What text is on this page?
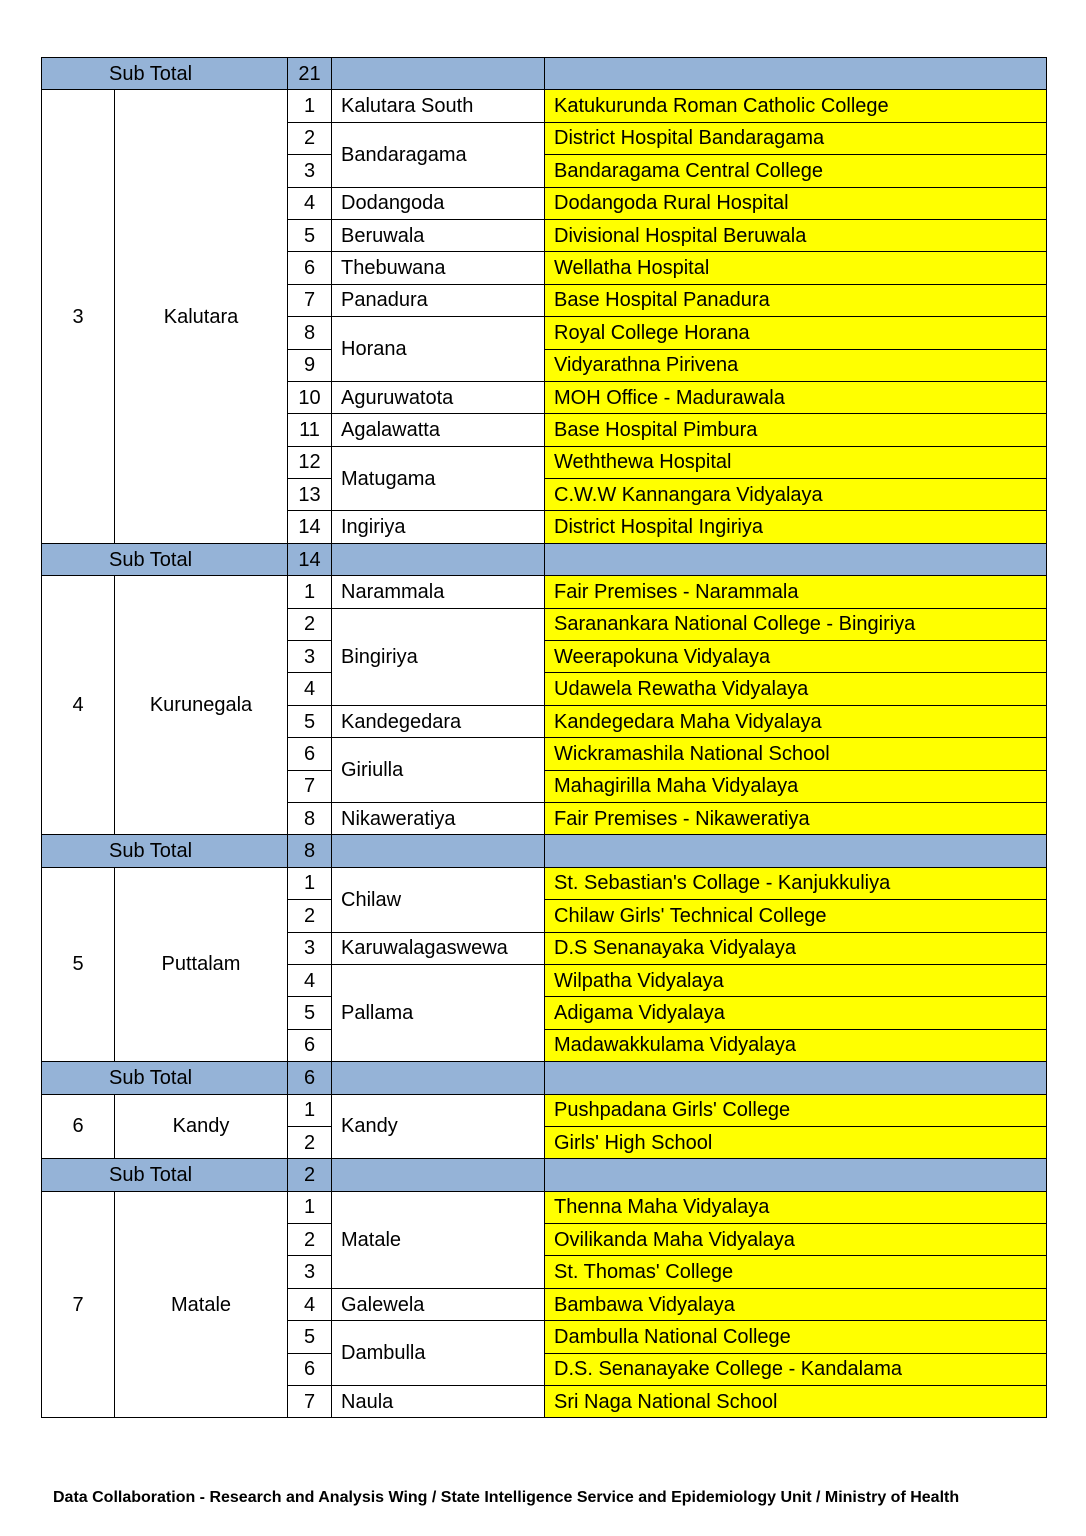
Sub Total		21		
3	Kalutara	1	Kalutara South	Katukurunda Roman Catholic College
		2	Bandaragama	District Hospital Bandaragama
		3		Bandaragama Central College
		4	Dodangoda	Dodangoda Rural Hospital
		5	Beruwala	Divisional Hospital Beruwala
		6	Thebuwana	Wellatha Hospital
		7	Panadura	Base Hospital Panadura
		8	Horana	Royal College Horana
		9		Vidyarathna Pirivena
		10	Aguruwatota	MOH Office - Madurawala
		11	Agalawatta	Base Hospital Pimbura
		12	Matugama	Weththewa Hospital
		13		C.W.W Kannangara Vidyalaya
		14	Ingiriya	District Hospital Ingiriya
Sub Total		14		
4	Kurunegala	1	Narammala	Fair Premises - Narammala
		2	Bingiriya	Saranankara National College - Bingiriya
		3		Weerapokuna Vidyalaya
		4		Udawela Rewatha Vidyalaya
		5	Kandegedara	Kandegedara Maha Vidyalaya
		6	Giriulla	Wickramashila National School
		7		Mahagirilla Maha Vidyalaya
		8	Nikaweratiya	Fair Premises - Nikaweratiya
Sub Total		8		
5	Puttalam	1	Chilaw	St. Sebastian's Collage - Kanjukkuliya
		2		Chilaw Girls' Technical College
		3	Karuwalagaswewa	D.S Senanayaka Vidyalaya
		4	Pallama	Wilpatha Vidyalaya
		5		Adigama Vidyalaya
		6		Madawakkulama Vidyalaya
Sub Total		6		
6	Kandy	1	Kandy	Pushpadana Girls' College
		2		Girls' High School
Sub Total		2		
7	Matale	1	Matale	Thenna Maha Vidyalaya
		2		Ovilikanda Maha Vidyalaya
		3		St. Thomas' College
		4	Galewela	Bambawa Vidyalaya
		5	Dambulla	Dambulla National College
		6		D.S. Senanayake College - Kandalama
		7	Naula	Sri Naga National School
Data Collaboration - Research and Analysis Wing / State Intelligence Service and Epidemiology Unit / Ministry of Health
